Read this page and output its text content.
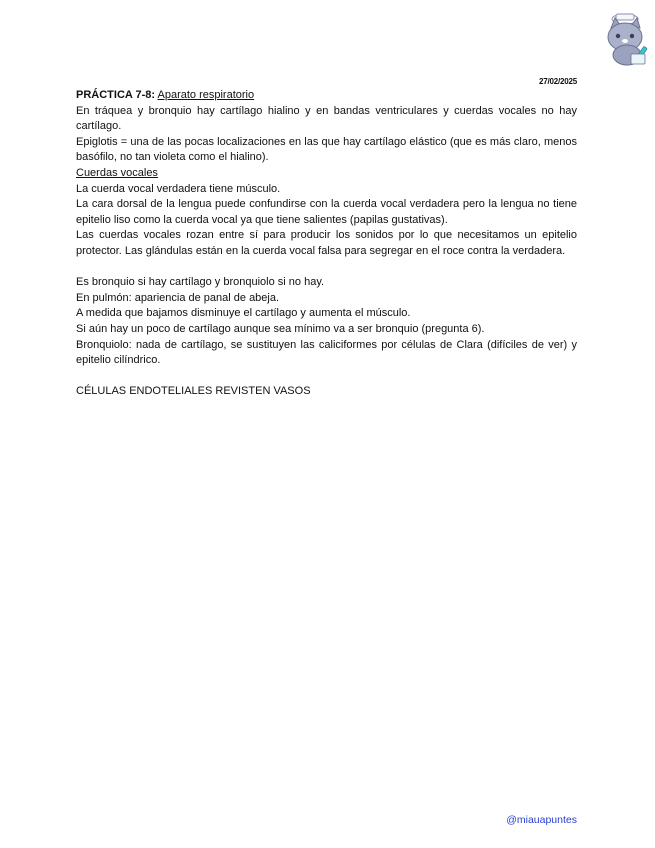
27/02/2025

PRÁCTICA 7-8: Aparato respiratorio

En tráquea y bronquio hay cartílago hialino y en bandas ventriculares y cuerdas vocales no hay cartílago.

Epiglotis = una de las pocas localizaciones en las que hay cartílago elástico (que es más claro, menos basófilo, no tan violeta como el hialino).

Cuerdas vocales

La cuerda vocal verdadera tiene músculo.

La cara dorsal de la lengua puede confundirse con la cuerda vocal verdadera pero la lengua no tiene epitelio liso como la cuerda vocal ya que tiene salientes (papilas gustativas).

Las cuerdas vocales rozan entre sí para producir los sonidos por lo que necesitamos un epitelio protector. Las glándulas están en la cuerda vocal falsa para segregar en el roce contra la verdadera.

Es bronquio si hay cartílago y bronquiolo si no hay.

En pulmón: apariencia de panal de abeja.

A medida que bajamos disminuye el cartílago y aumenta el músculo.

Si aún hay un poco de cartílago aunque sea mínimo va a ser bronquio (pregunta 6).

Bronquiolo: nada de cartílago, se sustituyen las caliciformes por células de Clara (difíciles de ver) y epitelio cilíndrico.

CÉLULAS ENDOTELIALES REVISTEN VASOS

@miauapuntes
